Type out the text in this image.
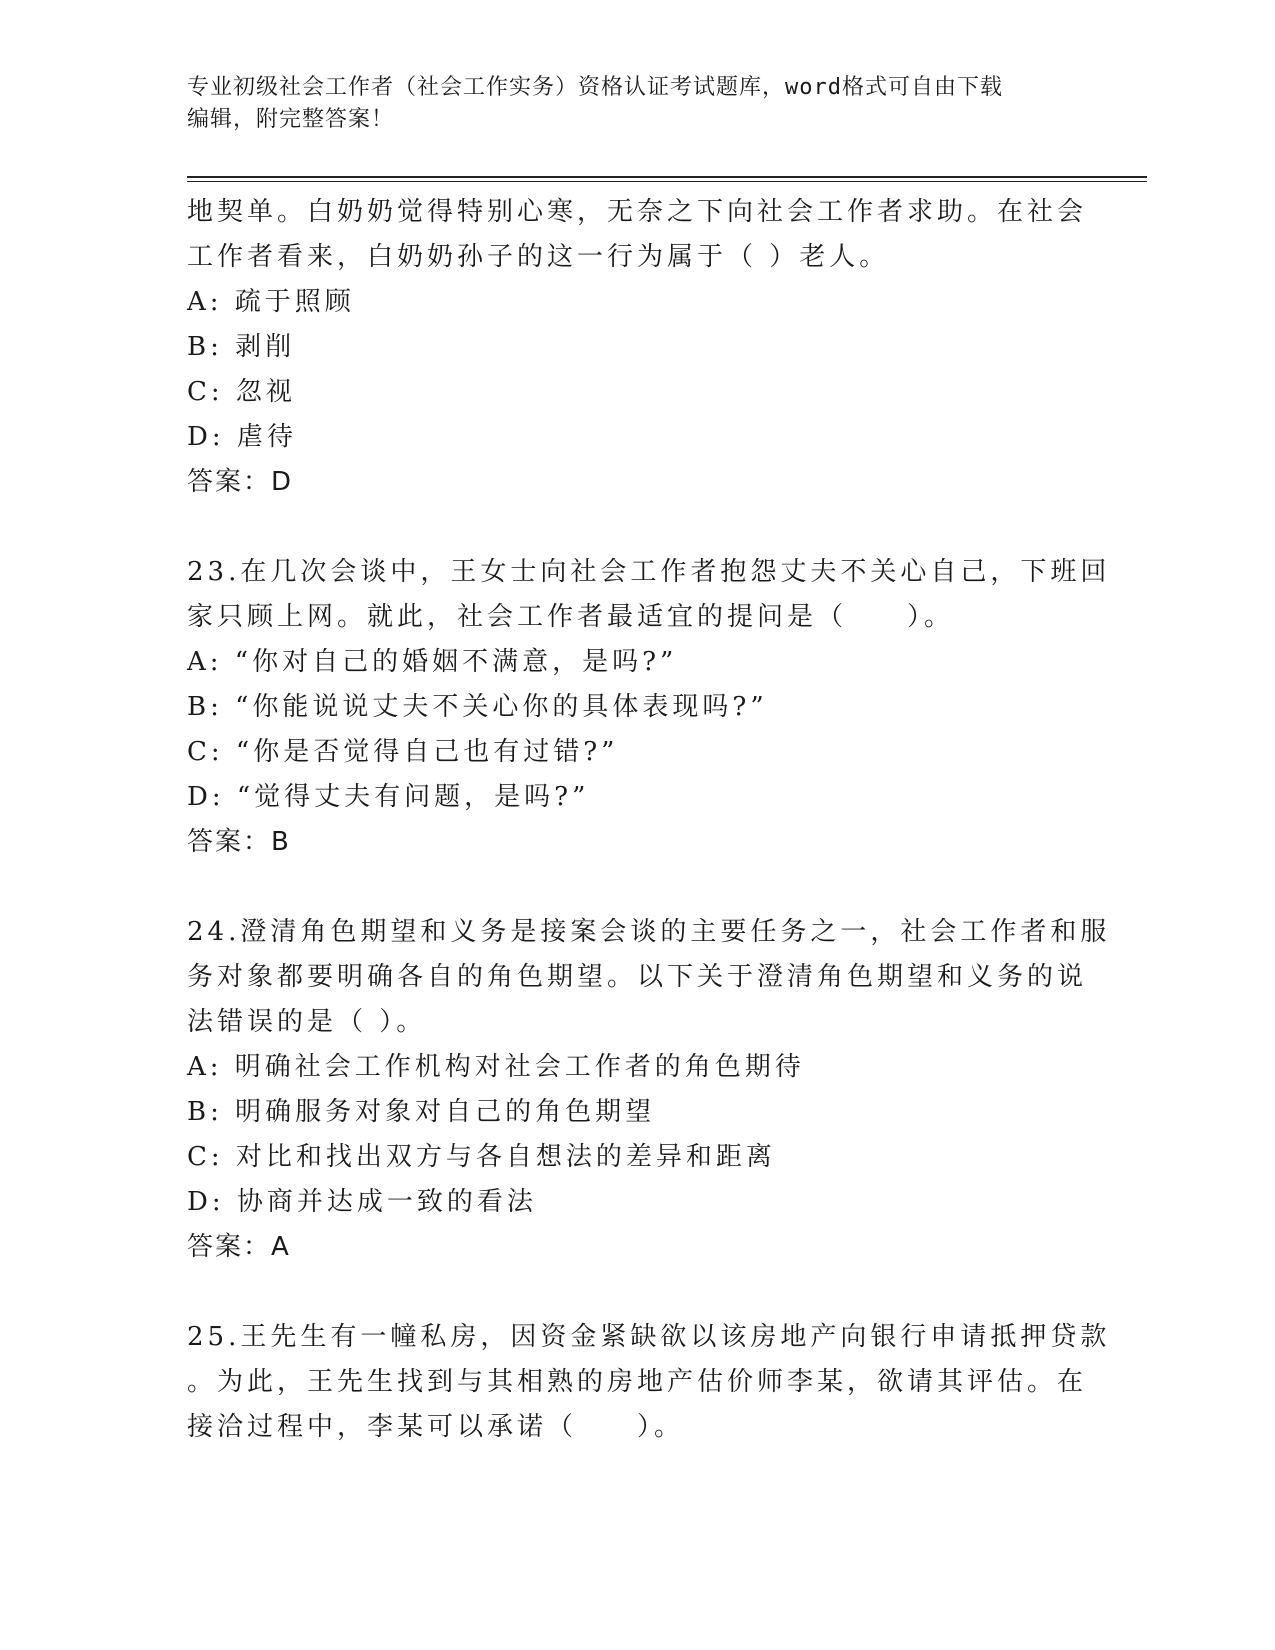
专业初级社会工作者（社会工作实务）资格认证考试题库，word格式可自由下载
编辑，附完整答案！
地契单。白奶奶觉得特别心寒，无奈之下向社会工作者求助。在社会
工作者看来，白奶奶孙子的这一行为属于（ ）老人。
A: 疏于照顾
B: 剥削
C: 忽视
D: 虐待
答案：D
23.在几次会谈中，王女士向社会工作者抱怨丈夫不关心自己，下班回
家只顾上网。就此，社会工作者最适宜的提问是（　　）。
A: “你对自己的婚姻不满意，是吗?”
B: “你能说说丈夫不关心你的具体表现吗?”
C: “你是否觉得自己也有过错?”
D: “觉得丈夫有问题，是吗?”
答案：B
24.澄清角色期望和义务是接案会谈的主要任务之一，社会工作者和服
务对象都要明确各自的角色期望。以下关于澄清角色期望和义务的说
法错误的是（ ）。
A: 明确社会工作机构对社会工作者的角色期待
B: 明确服务对象对自己的角色期望
C: 对比和找出双方与各自想法的差异和距离
D: 协商并达成一致的看法
答案：A
25.王先生有一幢私房，因资金紧缺欲以该房地产向银行申请抵押贷款
。为此，王先生找到与其相熟的房地产估价师李某，欲请其评估。在
接洽过程中，李某可以承诺（　　）。
